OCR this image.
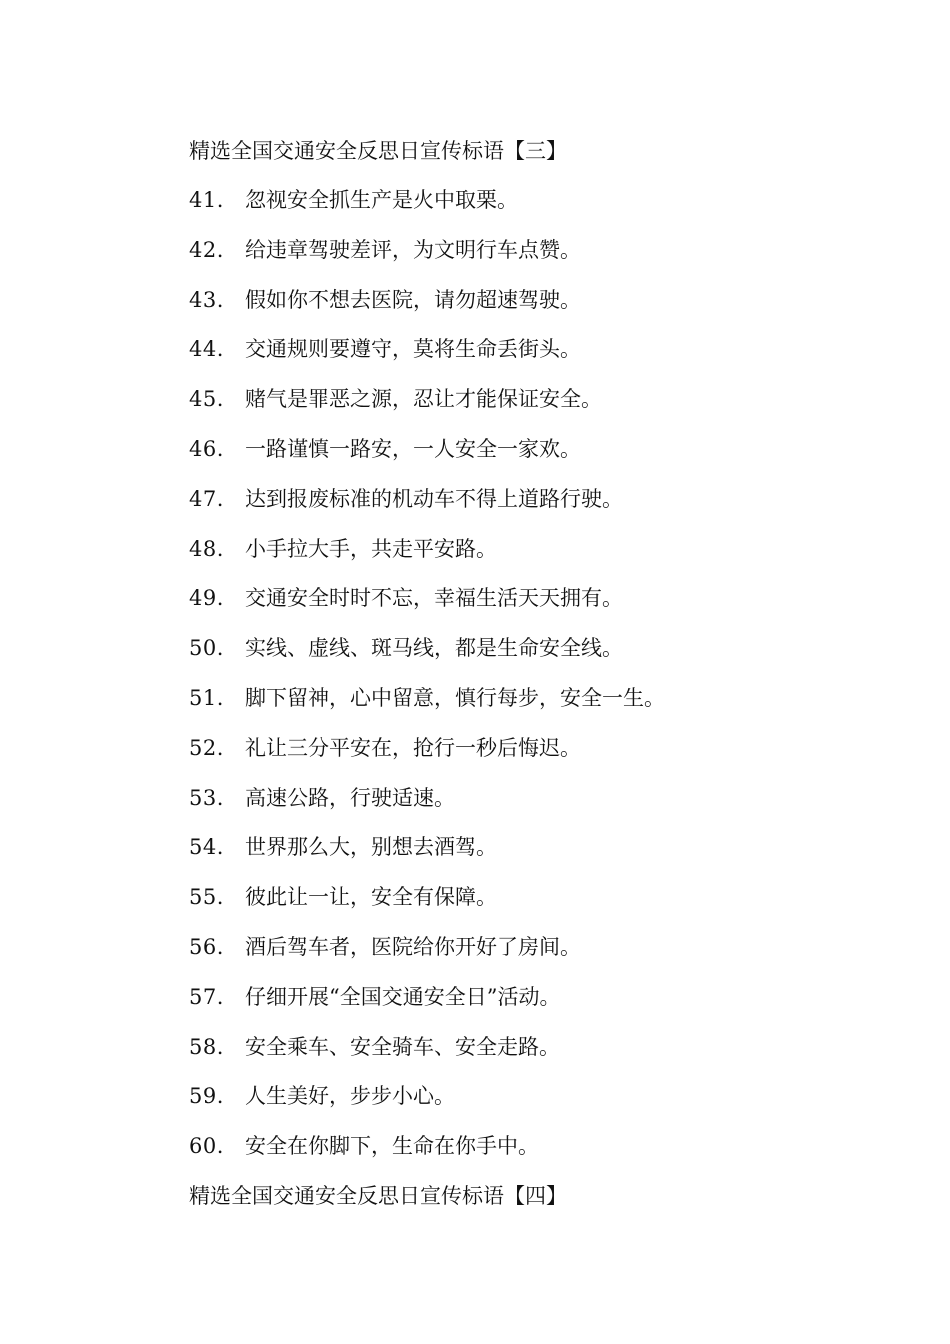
精选全国交通安全反思日宣传标语【三】
41.	忽视安全抓生产是火中取栗。
42.	给违章驾驶差评，为文明行车点赞。
43.	假如你不想去医院，请勿超速驾驶。
44.	交通规则要遵守，莫将生命丢街头。
45.	赌气是罪恶之源，忍让才能保证安全。
46.	一路谨慎一路安，一人安全一家欢。
47.	达到报废标准的机动车不得上道路行驶。
48.	小手拉大手，共走平安路。
49.	交通安全时时不忘，幸福生活天天拥有。
50.	实线、虚线、斑马线，都是生命安全线。
51.	脚下留神，心中留意，慎行每步，安全一生。
52.	礼让三分平安在，抢行一秒后悔迟。
53.	高速公路，行驶适速。
54.	世界那么大，别想去酒驾。
55.	彼此让一让，安全有保障。
56.	酒后驾车者，医院给你开好了房间。
57.	仔细开展“全国交通安全日”活动。
58.	安全乘车、安全骑车、安全走路。
59.	人生美好，步步小心。
60.	安全在你脚下，生命在你手中。
精选全国交通安全反思日宣传标语【四】
